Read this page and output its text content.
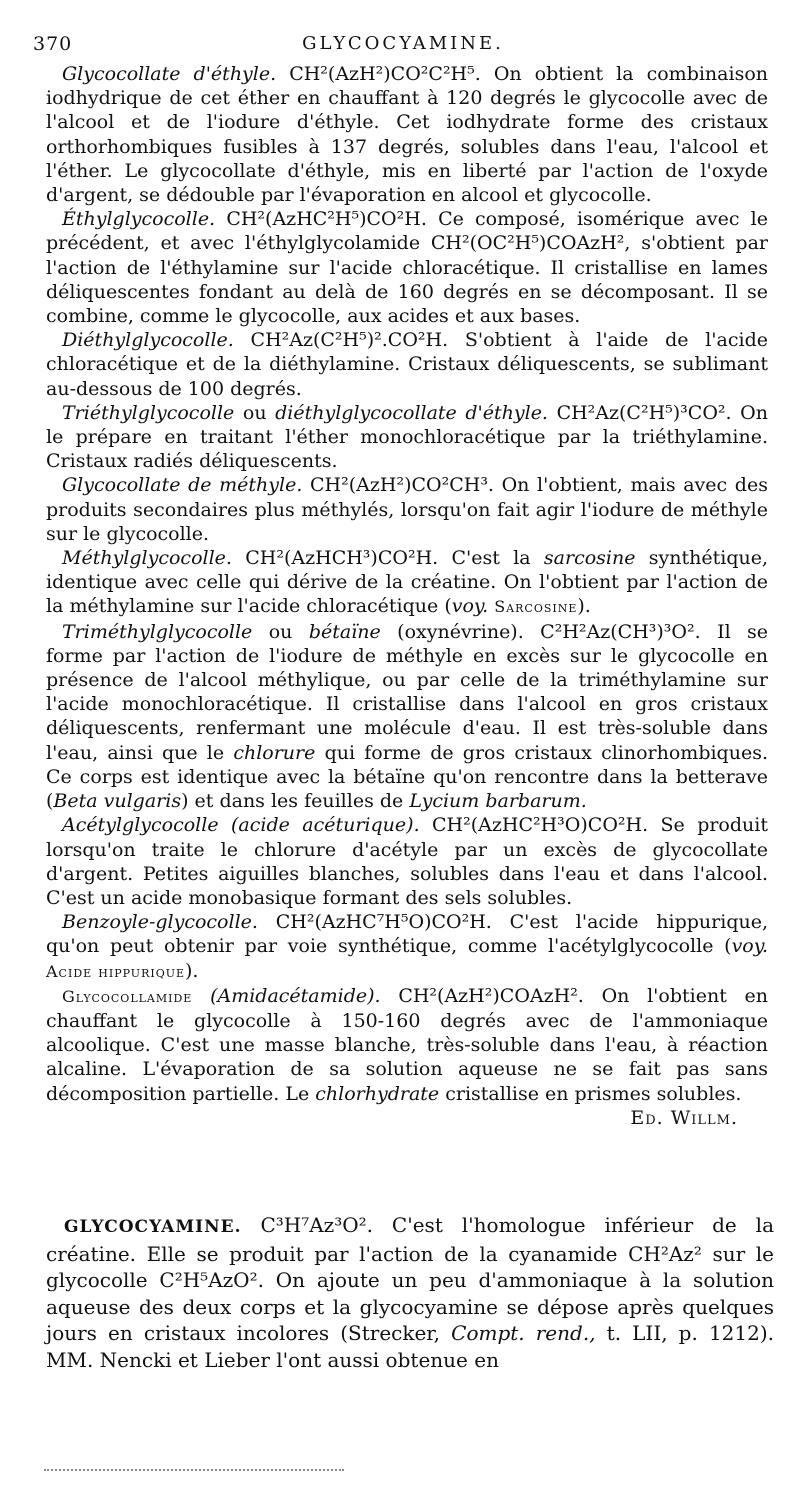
370	GLYCOCYAMINE.

Glycocollate d'éthyle. CH²(AzH²)CO²C²H⁵. On obtient la combinaison iodhydrique de cet éther en chauffant à 120 degrés le glycocolle avec de l'alcool et de l'iodure d'éthyle. Cet iodhydrate forme des cristaux orthorhombiques fusibles à 137 degrés, solubles dans l'eau, l'alcool et l'éther. Le glycocollate d'éthyle, mis en liberté par l'action de l'oxyde d'argent, se dédouble par l'évaporation en alcool et glycocolle.

Éthylglycocolle. CH²(AzHC²H⁵)CO²H. Ce composé, isomérique avec le précédent, et avec l'éthylglycolamide CH²(OC²H⁵)COAzH², s'obtient par l'action de l'éthylamine sur l'acide chloracétique. Il cristallise en lames déliquescentes fondant au delà de 160 degrés en se décomposant. Il se combine, comme le glycocolle, aux acides et aux bases.

Diéthylglycocolle. CH²Az(C²H⁵)².CO²H. S'obtient à l'aide de l'acide chloracétique et de la diéthylamine. Cristaux déliquescents, se sublimant au-dessous de 100 degrés.

Triéthylglycocolle ou diéthylglycocollate d'éthyle. CH²Az(C²H⁵)³CO². On le prépare en traitant l'éther monochloracétique par la triéthylamine. Cristaux radiés déliquescents.

Glycocollate de méthyle. CH²(AzH²)CO²CH³. On l'obtient, mais avec des produits secondaires plus méthylés, lorsqu'on fait agir l'iodure de méthyle sur le glycocolle.

Méthylglycocolle. CH²(AzHCH³)CO²H. C'est la sarcosine synthétique, identique avec celle qui dérive de la créatine. On l'obtient par l'action de la méthylamine sur l'acide chloracétique (voy. Sarcosine).

Triméthylglycocolle ou bétaïne (oxynévrine). C²H²Az(CH³)³O². Il se forme par l'action de l'iodure de méthyle en excès sur le glycocolle en présence de l'alcool méthylique, ou par celle de la triméthylamine sur l'acide monochloracétique. Il cristallise dans l'alcool en gros cristaux déliquescents, renfermant une molécule d'eau. Il est très-soluble dans l'eau, ainsi que le chlorure qui forme de gros cristaux clinorhombiques. Ce corps est identique avec la bétaïne qu'on rencontre dans la betterave (Beta vulgaris) et dans les feuilles de Lycium barbarum.

Acétylglycocolle (acide acéturique). CH²(AzHC²H³O)CO²H. Se produit lorsqu'on traite le chlorure d'acétyle par un excès de glycocollate d'argent. Petites aiguilles blanches, solubles dans l'eau et dans l'alcool. C'est un acide monobasique formant des sels solubles.

Benzoyle-glycocolle. CH²(AzHC⁷H⁵O)CO²H. C'est l'acide hippurique, qu'on peut obtenir par voie synthétique, comme l'acétylglycocolle (voy. Acide hippurique).

Glycocollamide (Amidacétamide). CH²(AzH²)COAzH². On l'obtient en chauffant le glycocolle à 150-160 degrés avec de l'ammoniaque alcoolique. C'est une masse blanche, très-soluble dans l'eau, à réaction alcaline. L'évaporation de sa solution aqueuse ne se fait pas sans décomposition partielle. Le chlorhydrate cristallise en prismes solubles.
Ed. Willm.

GLYCOCYAMINE. C³H⁷Az³O². C'est l'homologue inférieur de la créatine. Elle se produit par l'action de la cyanamide CH²Az² sur le glycocolle C²H⁵AzO². On ajoute un peu d'ammoniaque à la solution aqueuse des deux corps et la glycocyamine se dépose après quelques jours en cristaux incolores (Strecker, Compt. rend., t. LII, p. 1212). MM. Nencki et Lieber l'ont aussi obtenue en
